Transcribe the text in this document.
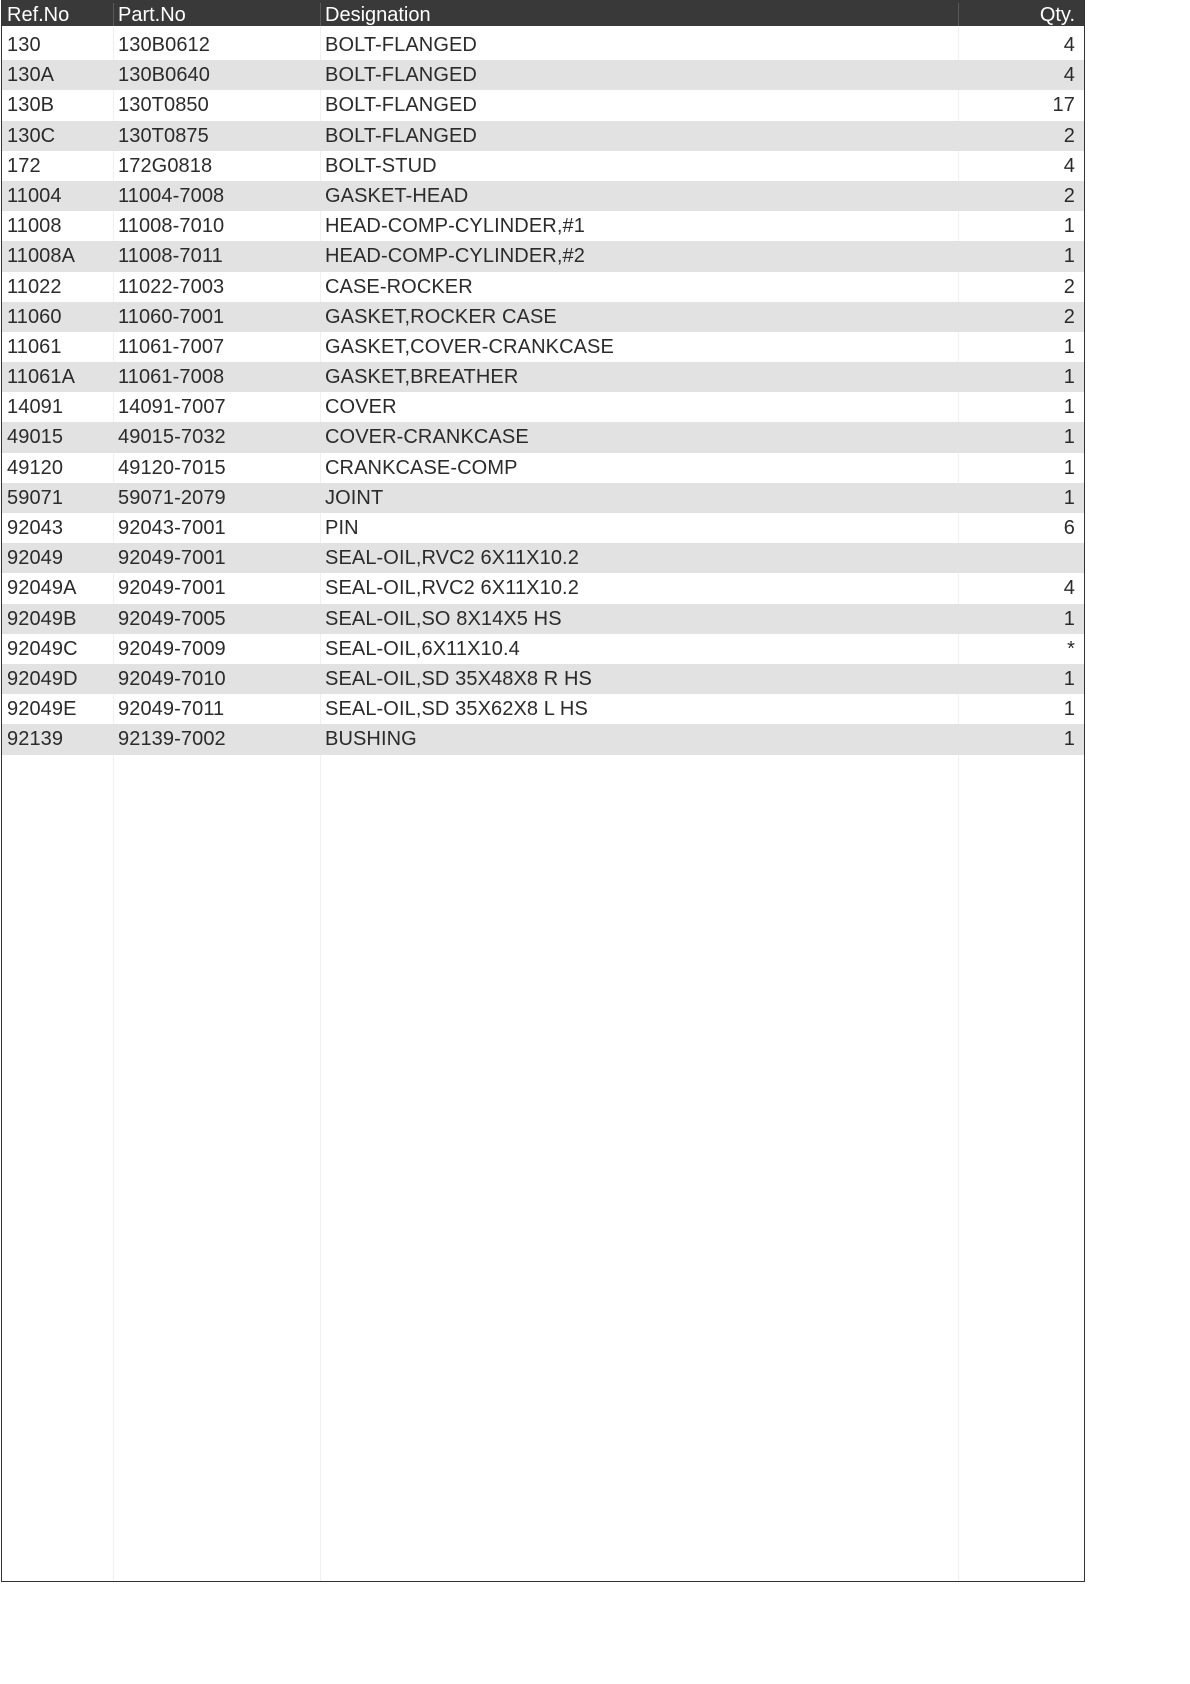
Ref.No Part.No	Designation	Qty.
130	130B0612	BOLT-FLANGED	4
130A	130B0640	BOLT-FLANGED	4
130B	130T0850	BOLT-FLANGED	17
130C	130T0875	BOLT-FLANGED	2
172	172G0818	BOLT-STUD	4
11004	11004-7008	GASKET-HEAD	2
11008	11008-7010	HEAD-COMP-CYLINDER,#1	1
11008A 11008-7011	HEAD-COMP-CYLINDER,#2	1
11022	11022-7003	CASE-ROCKER	2
11060	11060-7001	GASKET,ROCKER CASE	2
11061	11061-7007	GASKET,COVER-CRANKCASE	1
11061A 11061-7008	GASKET,BREATHER	1
14091	14091-7007	COVER	1
49015	49015-7032	COVER-CRANKCASE	1
49120	49120-7015	CRANKCASE-COMP	1
59071	59071-2079	JOINT	1
92043	92043-7001	PIN	6
92049	92049-7001	SEAL-OIL,RVC2 6X11X10.2
92049A 92049-7001	SEAL-OIL,RVC2 6X11X10.2	4
92049B 92049-7005	SEAL-OIL,SO 8X14X5 HS	1
92049C 92049-7009	SEAL-OIL,6X11X10.4	*
92049D 92049-7010	SEAL-OIL,SD 35X48X8 R HS	1
92049E 92049-7011	SEAL-OIL,SD 35X62X8 L HS	1
92139	92139-7002	BUSHING	1
